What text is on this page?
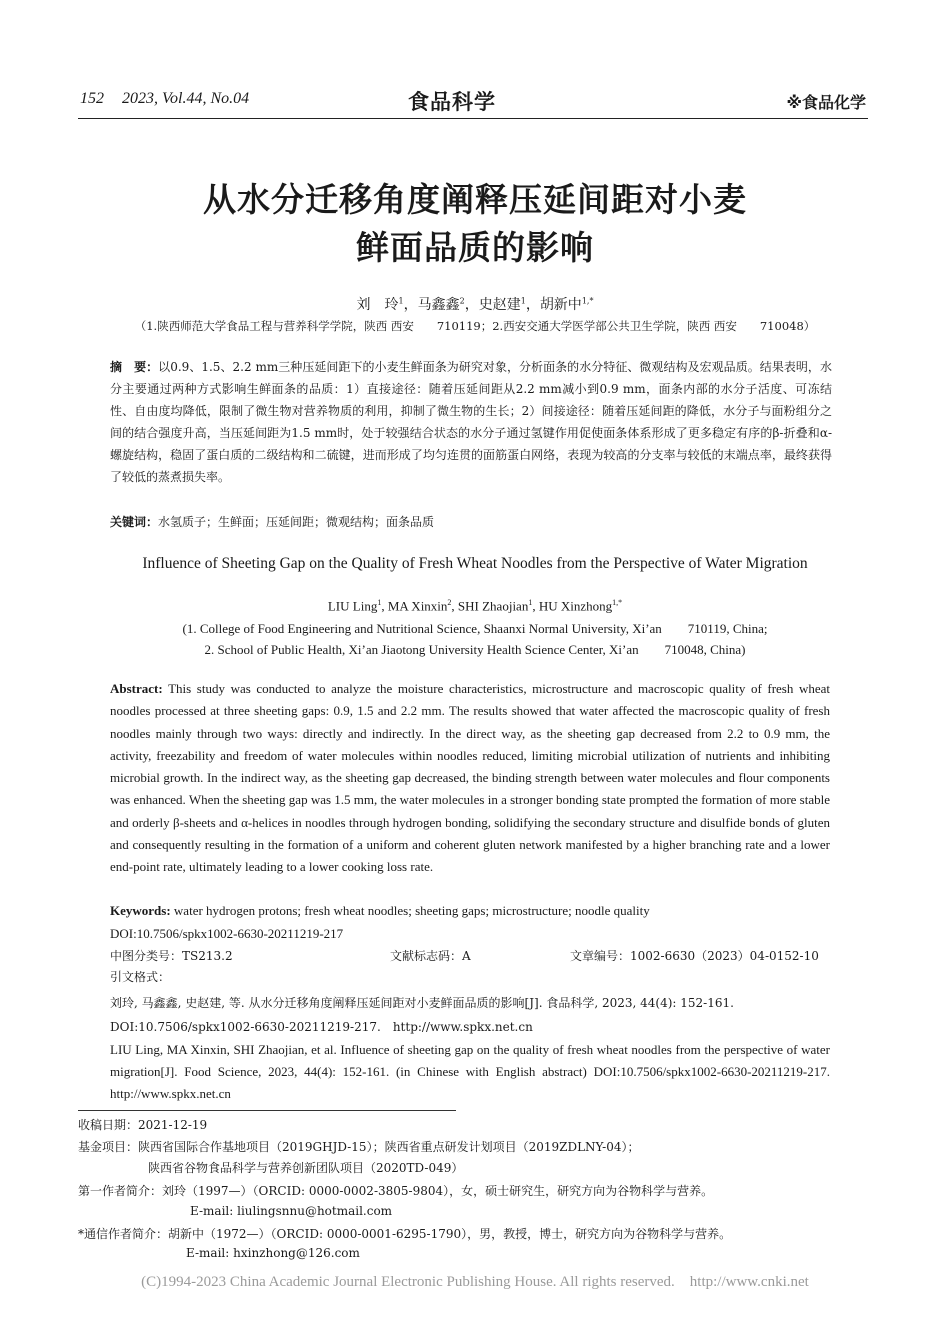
152 2023, Vol.44, No.04	食品科学	※食品化学
从水分迁移角度阐释压延间距对小麦
鲜面品质的影响
刘　玲$^1$，马鑫鑫$^2$，史赵建$^1$，胡新中$^{1,*}$
（1.陕西师范大学食品工程与营养科学学院，陕西 西安　　710119；2.西安交通大学医学部公共卫生学院，陕西 西安　　710048）
摘　要：以0.9、1.5、2.2 mm三种压延间距下的小麦生鲜面条为研究对象，分析面条的水分特征、微观结构及宏观品质。结果表明，水分主要通过两种方式影响生鲜面条的品质：1）直接途径：随着压延间距从2.2 mm减小到0.9 mm，面条内部的水分子活度、可冻结性、自由度均降低，限制了微生物对营养物质的利用，抑制了微生物的生长；2）间接途径：随着压延间距的降低，水分子与面粉组分之间的结合强度升高，当压延间距为1.5 mm时，处于较强结合状态的水分子通过氢键作用促使面条体系形成了更多稳定有序的β-折叠和α-螺旋结构，稳固了蛋白质的二级结构和二硫键，进而形成了均匀连贯的面筋蛋白网络，表现为较高的分支率与较低的末端点率，最终获得了较低的蒸煮损失率。
关键词：水氢质子；生鲜面；压延间距；微观结构；面条品质
Influence of Sheeting Gap on the Quality of Fresh Wheat Noodles from the Perspective of Water Migration
LIU Ling$^1$, MA Xinxin$^2$, SHI Zhaojian$^1$, HU Xinzhong$^{1,*}$
(1. College of Food Engineering and Nutritional Science, Shaanxi Normal University, Xi’an　　710119, China;
2. School of Public Health, Xi’an Jiaotong University Health Science Center, Xi’an　　710048, China)
Abstract: This study was conducted to analyze the moisture characteristics, microstructure and macroscopic quality of fresh wheat noodles processed at three sheeting gaps: 0.9, 1.5 and 2.2 mm. The results showed that water affected the macroscopic quality of fresh noodles mainly through two ways: directly and indirectly. In the direct way, as the sheeting gap decreased from 2.2 to 0.9 mm, the activity, freezability and freedom of water molecules within noodles reduced, limiting microbial utilization of nutrients and inhibiting microbial growth. In the indirect way, as the sheeting gap decreased, the binding strength between water molecules and flour components was enhanced. When the sheeting gap was 1.5 mm, the water molecules in a stronger bonding state prompted the formation of more stable and orderly β-sheets and α-helices in noodles through hydrogen bonding, solidifying the secondary structure and disulfide bonds of gluten and consequently resulting in the formation of a uniform and coherent gluten network manifested by a higher branching rate and a lower end-point rate, ultimately leading to a lower cooking loss rate.
Keywords: water hydrogen protons; fresh wheat noodles; sheeting gaps; microstructure; noodle quality
DOI:10.7506/spkx1002-6630-20211219-217
中图分类号：TS213.2	文献标志码：A	文章编号：1002-6630（2023）04-0152-10
引文格式：
刘玲, 马鑫鑫, 史赵建, 等. 从水分迁移角度阐释压延间距对小麦鲜面品质的影响[J]. 食品科学, 2023, 44(4): 152-161. DOI:10.7506/spkx1002-6630-20211219-217.　http://www.spkx.net.cn
LIU Ling, MA Xinxin, SHI Zhaojian, et al. Influence of sheeting gap on the quality of fresh wheat noodles from the perspective of water migration[J]. Food Science, 2023, 44(4): 152-161. (in Chinese with English abstract) DOI:10.7506/spkx1002-6630-20211219-217.　http://www.spkx.net.cn
收稿日期：2021-12-19
基金项目：陕西省国际合作基地项目（2019GHJD-15）；陕西省重点研发计划项目（2019ZDLNY-04）；
陕西省谷物食品科学与营养创新团队项目（2020TD-049）
第一作者简介：刘玲（1997—）（ORCID: 0000-0002-3805-9804），女，硕士研究生，研究方向为谷物科学与营养。
E-mail: liulingsnnu@hotmail.com
*通信作者简介：胡新中（1972—）（ORCID: 0000-0001-6295-1790），男，教授，博士，研究方向为谷物科学与营养。
E-mail: hxinzhong@126.com
(C)1994-2023 China Academic Journal Electronic Publishing House. All rights reserved.　http://www.cnki.net
